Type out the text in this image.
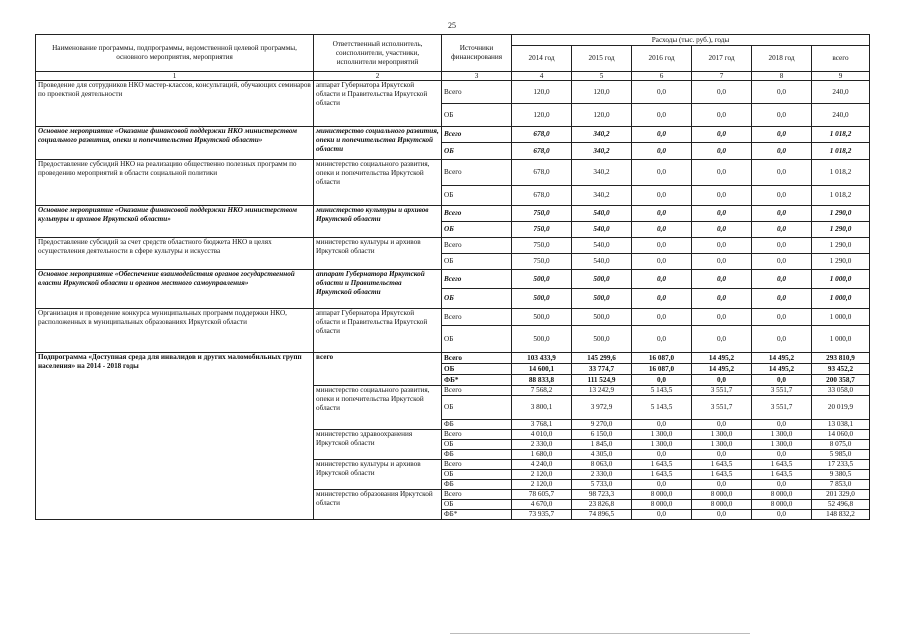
25
Наименование программы, подпрограммы, ведомственной целевой программы, основного мероприятия, мероприятия	Ответственный исполнитель, соисполнители, участники, исполнители мероприятий	Источники финансирования	Расходы (тыс. руб.), годы					
			2014 год	2015 год	2016 год	2017 год	2018 год	всего
1	2	3	4	5	6	7	8	9
Проведение для сотрудников НКО мастер-классов, консультаций, обучающих семинаров по проектной деятельности	аппарат Губернатора Иркутской области и Правительства Иркутской области	Всего	120,0	120,0	0,0	0,0	0,0	240,0
		ОБ	120,0	120,0	0,0	0,0	0,0	240,0
Основное мероприятие «Оказание финансовой поддержки НКО министерством социального развития, опеки и попечительства Иркутской области»	министерство социального развития, опеки и попечительства Иркутской области	Всего	678,0	340,2	0,0	0,0	0,0	1 018,2
		ОБ	678,0	340,2	0,0	0,0	0,0	1 018,2
Предоставление субсидий НКО на реализацию общественно полезных программ по проведению мероприятий в области социальной политики	министерство социального развития, опеки и попечительства Иркутской области	Всего	678,0	340,2	0,0	0,0	0,0	1 018,2
		ОБ	678,0	340,2	0,0	0,0	0,0	1 018,2
Основное мероприятие «Оказание финансовой поддержки НКО министерством культуры и архивов Иркутской области»	министерство культуры и архивов Иркутской области	Всего	750,0	540,0	0,0	0,0	0,0	1 290,0
		ОБ	750,0	540,0	0,0	0,0	0,0	1 290,0
Предоставление субсидий за счет средств областного бюджета НКО в целях осуществления деятельности в сфере культуры и искусства	министерство культуры и архивов Иркутской области	Всего	750,0	540,0	0,0	0,0	0,0	1 290,0
		ОБ	750,0	540,0	0,0	0,0	0,0	1 290,0
Основное мероприятие «Обеспечение взаимодействия органов государственной власти Иркутской области и органов местного самоуправления»	аппарат Губернатора Иркутской области и Правительства Иркутской области	Всего	500,0	500,0	0,0	0,0	0,0	1 000,0
		ОБ	500,0	500,0	0,0	0,0	0,0	1 000,0
Организация и проведение конкурса муниципальных программ поддержки НКО, расположенных в муниципальных образованиях Иркутской области	аппарат Губернатора Иркутской области и Правительства Иркутской области	Всего	500,0	500,0	0,0	0,0	0,0	1 000,0
		ОБ	500,0	500,0	0,0	0,0	0,0	1 000,0
Подпрограмма «Доступная среда для инвалидов и других маломобильных групп населения» на 2014 - 2018 годы	всего	Всего	103 433,9	145 299,6	16 087,0	14 495,2	14 495,2	293 810,9
		ОБ	14 600,1	33 774,7	16 087,0	14 495,2	14 495,2	93 452,2
		ФБ*	88 833,8	111 524,9	0,0	0,0	0,0	200 358,7
	министерство социального развития, опеки и попечительства Иркутской области	Всего	7 568,2	13 242,9	5 143,5	3 551,7	3 551,7	33 058,0
		ОБ	3 800,1	3 972,9	5 143,5	3 551,7	3 551,7	20 019,9
		ФБ	3 768,1	9 270,0	0,0	0,0	0,0	13 038,1
	министерство здравоохранения Иркутской области	Всего	4 010,0	6 150,0	1 300,0	1 300,0	1 300,0	14 060,0
		ОБ	2 330,0	1 845,0	1 300,0	1 300,0	1 300,0	8 075,0
		ФБ	1 680,0	4 305,0	0,0	0,0	0,0	5 985,0
	министерство культуры и архивов Иркутской области	Всего	4 240,0	8 063,0	1 643,5	1 643,5	1 643,5	17 233,5
		ОБ	2 120,0	2 330,0	1 643,5	1 643,5	1 643,5	9 380,5
		ФБ	2 120,0	5 733,0	0,0	0,0	0,0	7 853,0
	министерство образования Иркутской области	Всего	78 605,7	98 723,3	8 000,0	8 000,0	8 000,0	201 329,0
		ОБ	4 670,0	23 826,8	8 000,0	8 000,0	8 000,0	52 496,8
		ФБ*	73 935,7	74 896,5	0,0	0,0	0,0	148 832,2
